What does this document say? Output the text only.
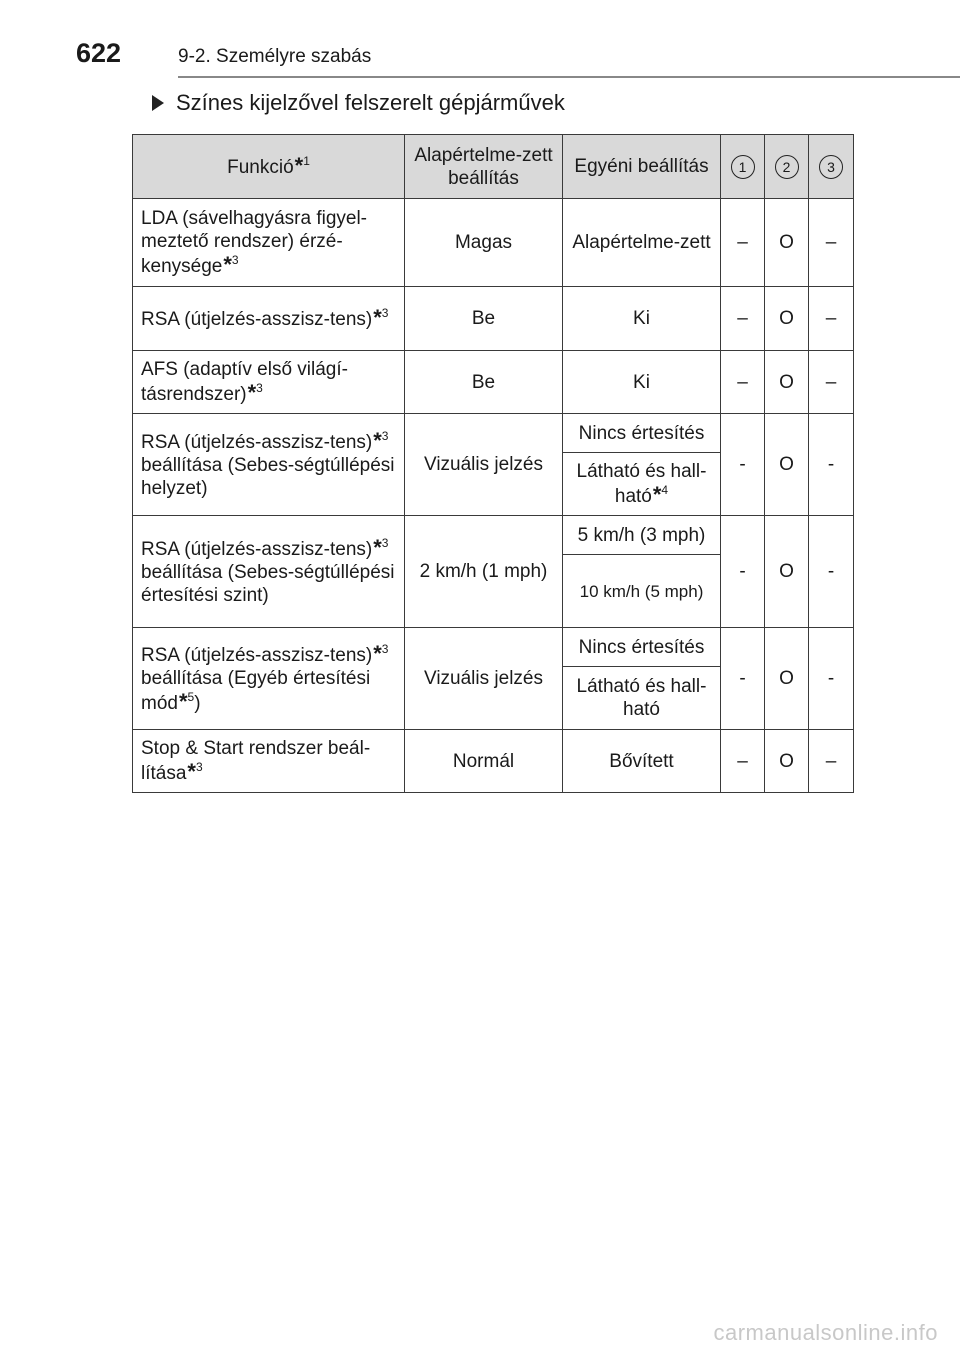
622	9-2. Személyre szabás
Színes kijelzővel felszerelt gépjárművek
Funkció*$^1$	Alapértelme-zett beállítás	Egyéni beállítás	1	2	3
LDA (sávelhagyásra figyel-meztető rendszer) érzé-kenysége*$^3$	Magas	Alapértelme-zett	–	O	–
RSA (útjelzés-asszisz-tens)*$^3$	Be	Ki	–	O	–
AFS (adaptív első világí-tásrendszer)*$^3$	Be	Ki	–	O	–
RSA (útjelzés-asszisz-tens)*$^3$ beállítása (Sebes-ségtúllépési helyzet)	Vizuális jelzés	Nincs értesítés	-	O	-
		Látható és hall-ható*$^4$
RSA (útjelzés-asszisz-tens)*$^3$ beállítása (Sebes-ségtúllépési értesítési szint)	2 km/h (1 mph)	5 km/h (3 mph)	-	O	-
		10 km/h (5 mph)			
RSA (útjelzés-asszisz-tens)*$^3$ beállítása (Egyéb értesítési mód*$^5$)	Vizuális jelzés	Nincs értesítés	-	O	-
		Látható és hall-ható			
Stop & Start rendszer beál-lítása*$^3$	Normál	Bővített	–	O	–
carmanualsonline.info
